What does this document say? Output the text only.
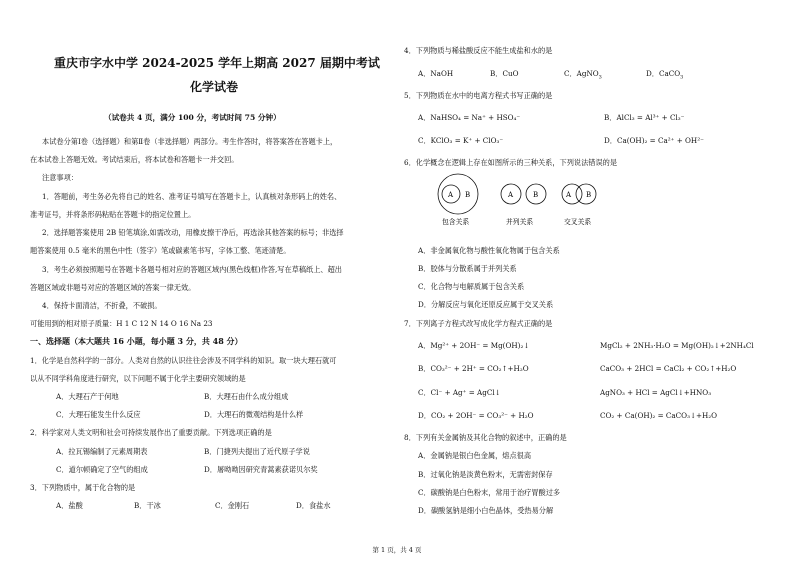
重庆市字水中学 2024-2025 学年上期高 2027 届期中考试
化学试卷
（试卷共 4 页，满分 100 分，考试时间 75 分钟）
本试卷分第Ⅰ卷（选择题）和第Ⅱ卷（非选择题）两部分。考生作答时，将答案答在答题卡上，
在本试卷上答题无效。考试结束后，将本试卷和答题卡一并交回。
注意事项：
1．答题前，考生务必先将自己的姓名、准考证号填写在答题卡上，认真核对条形码上的姓名、
准考证号，并将条形码粘贴在答题卡的指定位置上。
2．选择题答案使用 2B 铅笔填涂,如需改动，用橡皮擦干净后，再选涂其他答案的标号；非选择
题答案使用 0.5 毫米的黑色中性（签字）笔或碳素笔书写，字体工整、笔迹清楚。
3．考生必须按照题号在答题卡各题号相对应的答题区域内(黑色线框)作答,写在草稿纸上、超出
答题区域或非题号对应的答题区域的答案一律无效。
4．保持卡面清洁，不折叠，不破损。
可能用到的相对原子质量：H 1 C 12 N 14 O 16 Na 23
一、选择题（本大题共 16 小题，每小题 3 分，共 48 分）
1．化学是自然科学的一部分。人类对自然的认识往往会涉及不同学科的知识。取一块大理石就可
以从不同学科角度进行研究，以下问题不属于化学主要研究领域的是
A．大理石产于何地	B．大理石由什么成分组成
C．大理石能发生什么反应	D．大理石的微观结构是什么样
2．科学家对人类文明和社会可持续发展作出了重要贡献。下列选项正确的是
A．拉瓦锡编制了元素周期表	B．门捷列夫提出了近代原子学说
C．道尔顿确定了空气的组成	D．屠呦呦因研究青蒿素获诺贝尔奖
3．下列物质中，属于化合物的是
A．盐酸	B．干冰	C．金刚石	D．食盐水
4．下列物质与稀盐酸反应不能生成盐和水的是
A．NaOH	B．CuO	C．AgNO$_3$	D．CaCO$_3$
5．下列物质在水中的电离方程式书写正确的是
A．NaHSO₄ = Na⁺ + HSO₄⁻	B．AlCl₃ = Al³⁺ + Cl₃⁻
C．KClO₃ = K⁺ + ClO₃⁻	D．Ca(OH)₂ = Ca²⁺ + OH²⁻
6．化学概念在逻辑上存在如图所示的三种关系，下列说法错误的是
A B	A	B	A B
包含关系	并列关系	交叉关系
A．非金属氧化物与酸性氧化物属于包含关系
B．胶体与分散系属于并列关系
C．化合物与电解质属于包含关系
D．分解反应与氧化还原反应属于交叉关系
7．下列离子方程式改写成化学方程式正确的是
A．Mg²⁺ + 2OH⁻ = Mg(OH)₂↓	MgCl₂ + 2NH₃·H₂O = Mg(OH)₂↓+2NH₄Cl
B．CO₃²⁻ + 2H⁺ = CO₂↑+H₂O	CaCO₃ + 2HCl = CaCl₂ + CO₂↑+H₂O
C．Cl⁻ + Ag⁺ = AgCl↓	AgNO₃ + HCl = AgCl↓+HNO₃
D．CO₂ + 2OH⁻ = CO₃²⁻ + H₂O	CO₂ + Ca(OH)₂ = CaCO₃↓+H₂O
8．下列有关金属钠及其化合物的叙述中，正确的是
A．金属钠是银白色金属，熔点很高
B．过氧化钠是淡黄色粉末，无需密封保存
C．碳酸钠是白色粉末，常用于治疗胃酸过多
D．碳酸氢钠是细小白色晶体，受热易分解
第 1 页，共 4 页
